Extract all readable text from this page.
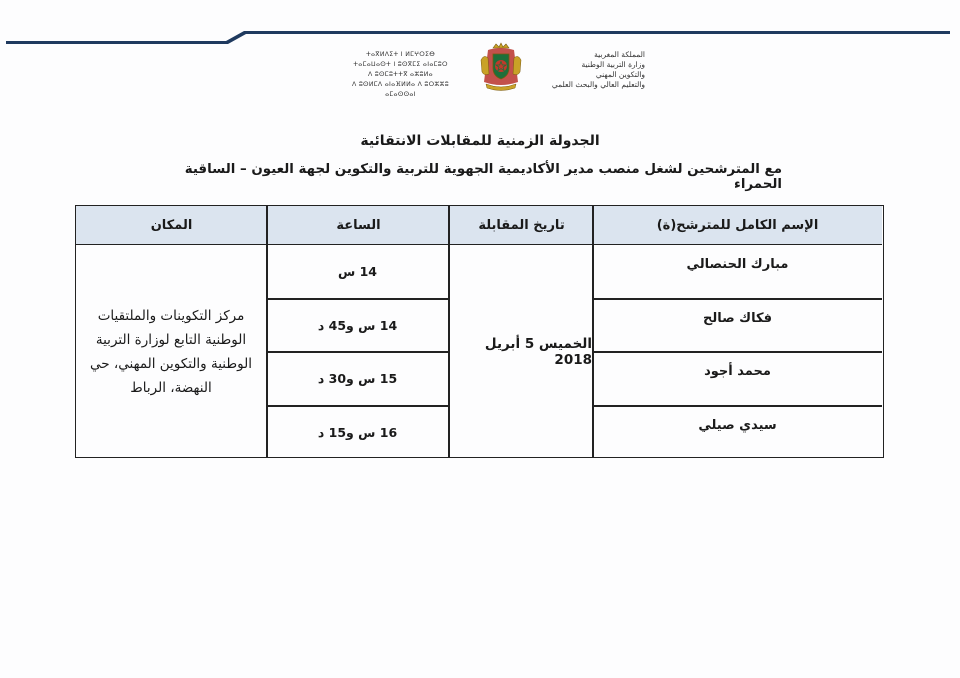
المملكة المغربية
وزارة التربية الوطنية
والتكوين المهني
والتعليم العالي والبحث العلمي
ⵜⴰⴳⵍⴷⵉⵜ ⵏ ⵍⵎⵖⵔⵉⴱ
ⵜⴰⵎⴰⵡⴰⵙⵜ ⵏ ⵓⵙⴳⵎⵉ ⴰⵏⴰⵎⵓⵔ
ⴷ ⵓⵙⵎⵓⵜⵜⴳ ⴰⵣⵓⵍⴰ
ⴷ ⵓⵙⵍⵎⴷ ⴰⵏⴰⴼⵍⵍⴰ ⴷ ⵓⵔⵣⵣⵓ ⴰⵎⴰⵙⵙⴰⵏ
الجدولة الزمنية للمقابلات الانتقائية
مع المترشحين لشغل منصب مدير الأكاديمية الجهوية للتربية والتكوين لجهة العيون – الساقية الحمراء
الإسم الكامل للمترشح(ة)
تاريخ المقابلة
الساعة
المكان
مبارك الحنصالي
فكاك صالح
محمد أجود
سيدي صيلي
الخميس 5 أبريل 2018
14 س
14 س و45 د
15 س و30 د
16 س و15 د
مركز التكوينات والملتقيات الوطنية التابع لوزارة التربية الوطنية والتكوين المهني، حي النهضة، الرباط
